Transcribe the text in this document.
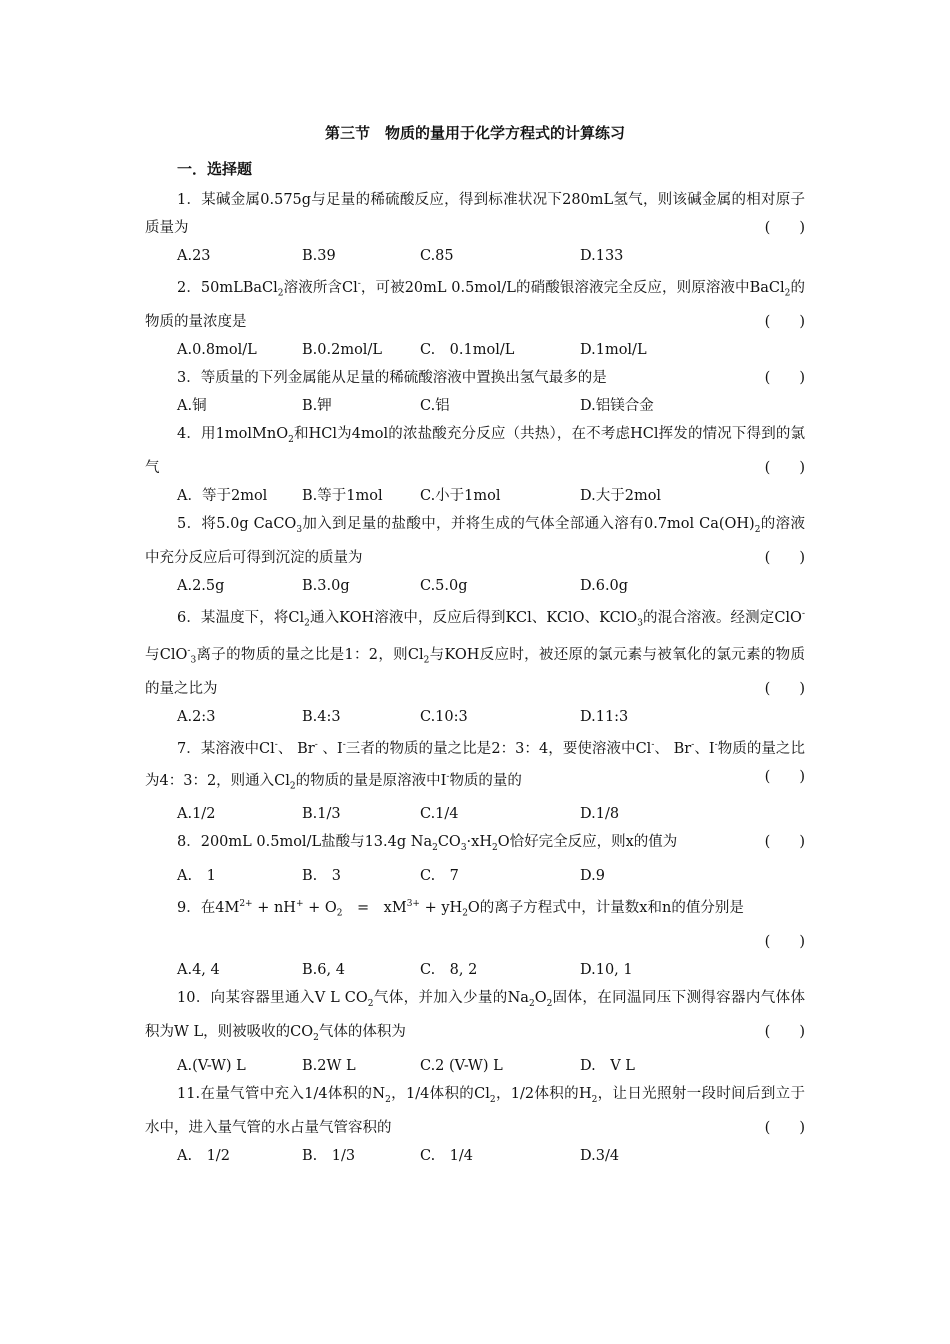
第三节　物质的量用于化学方程式的计算练习
一．选择题
1．某碱金属0.575g与足量的稀硫酸反应，得到标准状况下280mL氢气，则该碱金属的相对原子质量为	(　　)
A.23	B.39	C.85	D.133
2．50mLBaCl$_2$溶液所含Cl-，可被20mL 0.5mol/L的硝酸银溶液完全反应，则原溶液中BaCl$_2$的物质的量浓度是	(　　)
A.0.8mol/L	B.0.2mol/L	C.　0.1mol/L	D.1mol/L
3．等质量的下列金属能从足量的稀硫酸溶液中置换出氢气最多的是	(　　)
A.铜	B.钾	C.铝	D.铝镁合金
4．用1molMnO$_2$和HCl为4mol的浓盐酸充分反应（共热），在不考虑HCl挥发的情况下得到的氯气	(　　)
A．等于2mol	B.等于1mol	C.小于1mol	D.大于2mol
5．将5.0g CaCO$_3$加入到足量的盐酸中，并将生成的气体全部通入溶有0.7mol $Ca(OH)_2$的溶液中充分反应后可得到沉淀的质量为	(　　)
A.2.5g	B.3.0g	C.5.0g	D.6.0g
6．某温度下，将$Cl_2$通入KOH溶液中，反应后得到KCl、KClO、KClO$_3$的混合溶液。经测定ClO-与ClO-$_3$离子的物质的量之比是1：2，则$Cl_2$与KOH反应时，被还原的氯元素与被氧化的氯元素的物质的量之比为	(　　)
A.2:3	B.4:3	C.10:3	D.11:3
7．某溶液中Cl-、 Br- 、I-三者的物质的量之比是2：3：4，要使溶液中Cl-、 Br-、I-物质的量之比为4：3：2，则通入$Cl_2$的物质的量是原溶液中I-物质的量的	(　　)
A.1/2	B.1/3	C.1/4	D.1/8
8．200mL 0.5mol/L盐酸与13.4g $Na_2CO_3\cdot xH_2O$恰好完全反应，则x的值为	(　　)
A.　1	B.　3	C.　7	D.9
9．在$4M^{2+} + nH^+ + O_2$　=　$xM^{3+} + yH_2O$的离子方程式中，计量数x和n的值分别是
(　　)
A.4, 4	B.6, 4	C.　8, 2	D.10, 1
10．向某容器里通入V L $CO_2$气体，并加入少量的$Na_2O_2$固体，在同温同压下测得容器内气体体积为W L，则被吸收的$CO_2$气体的体积为	(　　)
A.(V-W) L	B.2W L	C.2 (V-W) L	D.　V L
11.在量气管中充入1/4体积的$N_2$，1/4体积的$Cl_2$，1/2体积的$H_2$，让日光照射一段时间后到立于水中，进入量气管的水占量气管容积的	(　　)
A.　1/2	B.　1/3	C.　1/4	D.3/4
